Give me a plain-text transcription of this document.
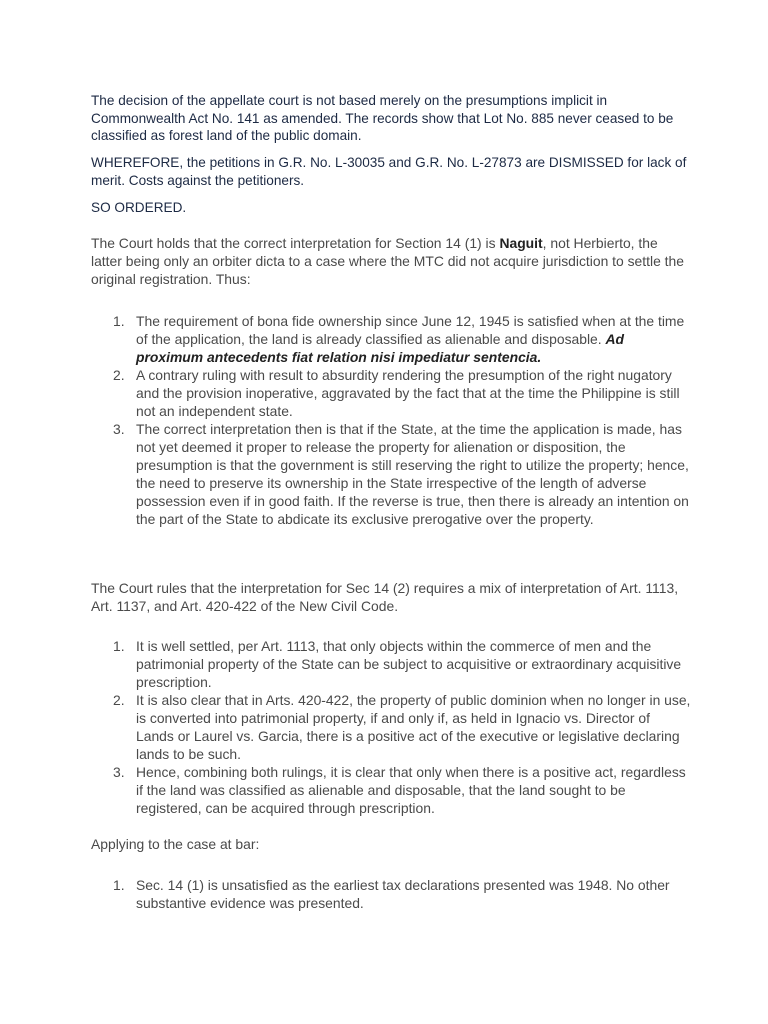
The decision of the appellate court is not based merely on the presumptions implicit in Commonwealth Act No. 141 as amended. The records show that Lot No. 885 never ceased to be classified as forest land of the public domain.

WHEREFORE, the petitions in G.R. No. L-30035 and G.R. No. L-27873 are DISMISSED for lack of merit. Costs against the petitioners.

SO ORDERED.

The Court holds that the correct interpretation for Section 14 (1) is Naguit, not Herbierto, the latter being only an orbiter dicta to a case where the MTC did not acquire jurisdiction to settle the original registration. Thus:

1. The requirement of bona fide ownership since June 12, 1945 is satisfied when at the time of the application, the land is already classified as alienable and disposable. Ad proximum antecedents fiat relation nisi impediatur sentencia.
2. A contrary ruling with result to absurdity rendering the presumption of the right nugatory and the provision inoperative, aggravated by the fact that at the time the Philippine is still not an independent state.
3. The correct interpretation then is that if the State, at the time the application is made, has not yet deemed it proper to release the property for alienation or disposition, the presumption is that the government is still reserving the right to utilize the property; hence, the need to preserve its ownership in the State irrespective of the length of adverse possession even if in good faith. If the reverse is true, then there is already an intention on the part of the State to abdicate its exclusive prerogative over the property.

The Court rules that the interpretation for Sec 14 (2) requires a mix of interpretation of Art. 1113, Art. 1137, and Art. 420-422 of the New Civil Code.

1. It is well settled, per Art. 1113, that only objects within the commerce of men and the patrimonial property of the State can be subject to acquisitive or extraordinary acquisitive prescription.
2. It is also clear that in Arts. 420-422, the property of public dominion when no longer in use, is converted into patrimonial property, if and only if, as held in Ignacio vs. Director of Lands or Laurel vs. Garcia, there is a positive act of the executive or legislative declaring lands to be such.
3. Hence, combining both rulings, it is clear that only when there is a positive act, regardless if the land was classified as alienable and disposable, that the land sought to be registered, can be acquired through prescription.

Applying to the case at bar:

1. Sec. 14 (1) is unsatisfied as the earliest tax declarations presented was 1948. No other substantive evidence was presented.
